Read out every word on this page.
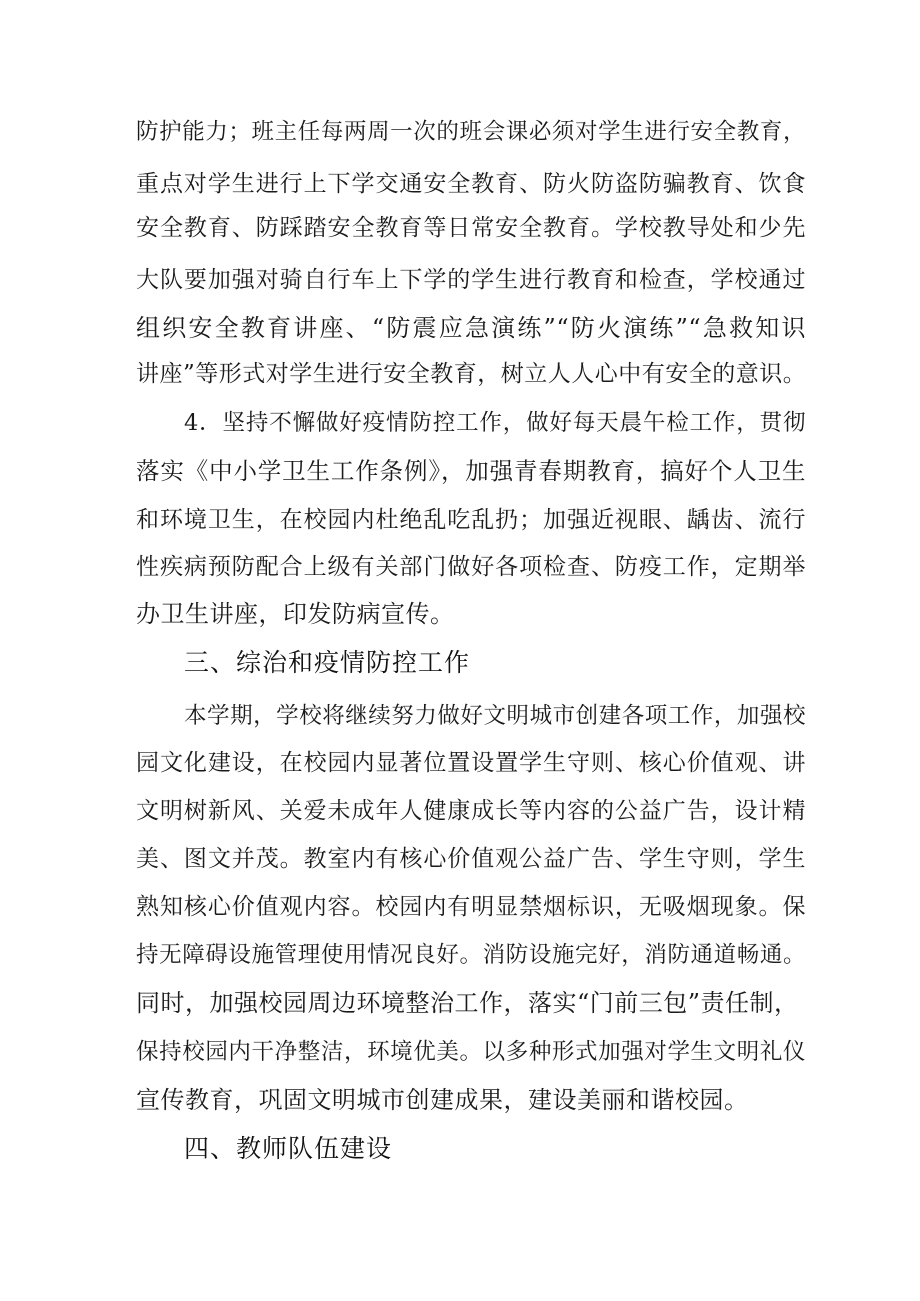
防护能力；班主任每两周一次的班会课必须对学生进行安全教育，
重点对学生进行上下学交通安全教育、防火防盗防骗教育、饮食
安全教育、防踩踏安全教育等日常安全教育。学校教导处和少先
大队要加强对骑自行车上下学的学生进行教育和检查，学校通过
组织安全教育讲座、“防震应急演练”“防火演练”“急救知识
讲座”等形式对学生进行安全教育，树立人人心中有安全的意识。
4．坚持不懈做好疫情防控工作，做好每天晨午检工作，贯彻
落实《中小学卫生工作条例》，加强青春期教育，搞好个人卫生
和环境卫生，在校园内杜绝乱吃乱扔；加强近视眼、龋齿、流行
性疾病预防配合上级有关部门做好各项检查、防疫工作，定期举
办卫生讲座，印发防病宣传。
三、综治和疫情防控工作
本学期，学校将继续努力做好文明城市创建各项工作，加强校
园文化建设，在校园内显著位置设置学生守则、核心价值观、讲
文明树新风、关爱未成年人健康成长等内容的公益广告，设计精
美、图文并茂。教室内有核心价值观公益广告、学生守则，学生
熟知核心价值观内容。校园内有明显禁烟标识，无吸烟现象。保
持无障碍设施管理使用情况良好。消防设施完好，消防通道畅通。
同时，加强校园周边环境整治工作，落实“门前三包”责任制，
保持校园内干净整洁，环境优美。以多种形式加强对学生文明礼仪
宣传教育，巩固文明城市创建成果，建设美丽和谐校园。
四、教师队伍建设
